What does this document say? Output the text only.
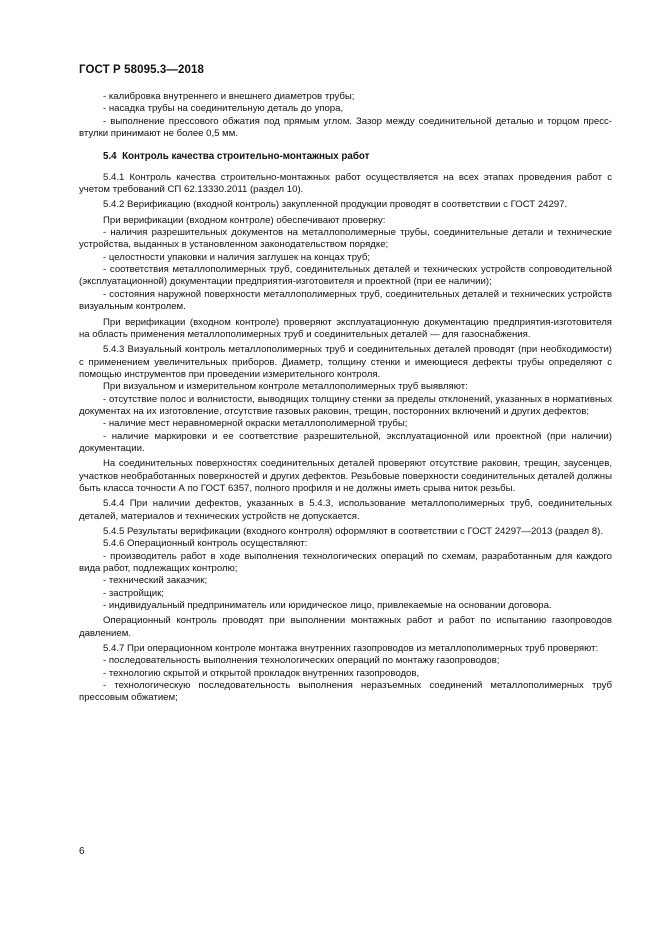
ГОСТ Р 58095.3—2018

- калибровка внутреннего и внешнего диаметров трубы;

- насадка трубы на соединительную деталь до упора,

- выполнение прессового обжатия под прямым углом. Зазор между соединительной деталью и торцом пресс-втулки принимают не более 0,5 мм.

5.4 Контроль качества строительно-монтажных работ

5.4.1 Контроль качества строительно-монтажных работ осуществляется на всех этапах проведения работ с учетом требований СП 62.13330.2011 (раздел 10).

5.4.2 Верификацию (входной контроль) закупленной продукции проводят в соответствии с ГОСТ 24297.

При верификации (входном контроле) обеспечивают проверку:

- наличия разрешительных документов на металлополимерные трубы, соединительные детали и технические устройства, выданных в установленном законодательством порядке;

- целостности упаковки и наличия заглушек на концах труб;

- соответствия металлополимерных труб, соединительных деталей и технических устройств сопроводительной (эксплуатационной) документации предприятия-изготовителя и проектной (при ее наличии);

- состояния наружной поверхности металлополимерных труб, соединительных деталей и технических устройств визуальным контролем.

При верификации (входном контроле) проверяют эксплуатационную документацию предприятия-изготовителя на область применения металлополимерных труб и соединительных деталей — для газоснабжения.

5.4.3 Визуальный контроль металлополимерных труб и соединительных деталей проводят (при необходимости) с применением увеличительных приборов. Диаметр, толщину стенки и имеющиеся дефекты трубы определяют с помощью инструментов при проведении измерительного контроля.

При визуальном и измерительном контроле металлополимерных труб выявляют:

- отсутствие полос и волнистости, выводящих толщину стенки за пределы отклонений, указанных в нормативных документах на их изготовление, отсутствие газовых раковин, трещин, посторонних включений и других дефектов;

- наличие мест неравномерной окраски металлополимерной трубы;

- наличие маркировки и ее соответствие разрешительной, эксплуатационной или проектной (при наличии) документации.

На соединительных поверхностях соединительных деталей проверяют отсутствие раковин, трещин, заусенцев, участков необработанных поверхностей и других дефектов. Резьбовые поверхности соединительных деталей должны быть класса точности А по ГОСТ 6357, полного профиля и не должны иметь срыва ниток резьбы.

5.4.4 При наличии дефектов, указанных в 5.4.3, использование металлополимерных труб, соединительных деталей, материалов и технических устройств не допускается.

5.4.5 Результаты верификации (входного контроля) оформляют в соответствии с ГОСТ 24297—2013 (раздел 8).

5.4.6 Операционный контроль осуществляют:

- производитель работ в ходе выполнения технологических операций по схемам, разработанным для каждого вида работ, подлежащих контролю;

- технический заказчик;

- застройщик;

- индивидуальный предприниматель или юридическое лицо, привлекаемые на основании договора.

Операционный контроль проводят при выполнении монтажных работ и работ по испытанию газопроводов давлением.

5.4.7 При операционном контроле монтажа внутренних газопроводов из металлополимерных труб проверяют:

- последовательность выполнения технологических операций по монтажу газопроводов;

- технологию скрытой и открытой прокладок внутренних газопроводов,

- технологическую последовательность выполнения неразъемных соединений металлополимерных труб прессовым обжатием;

6
